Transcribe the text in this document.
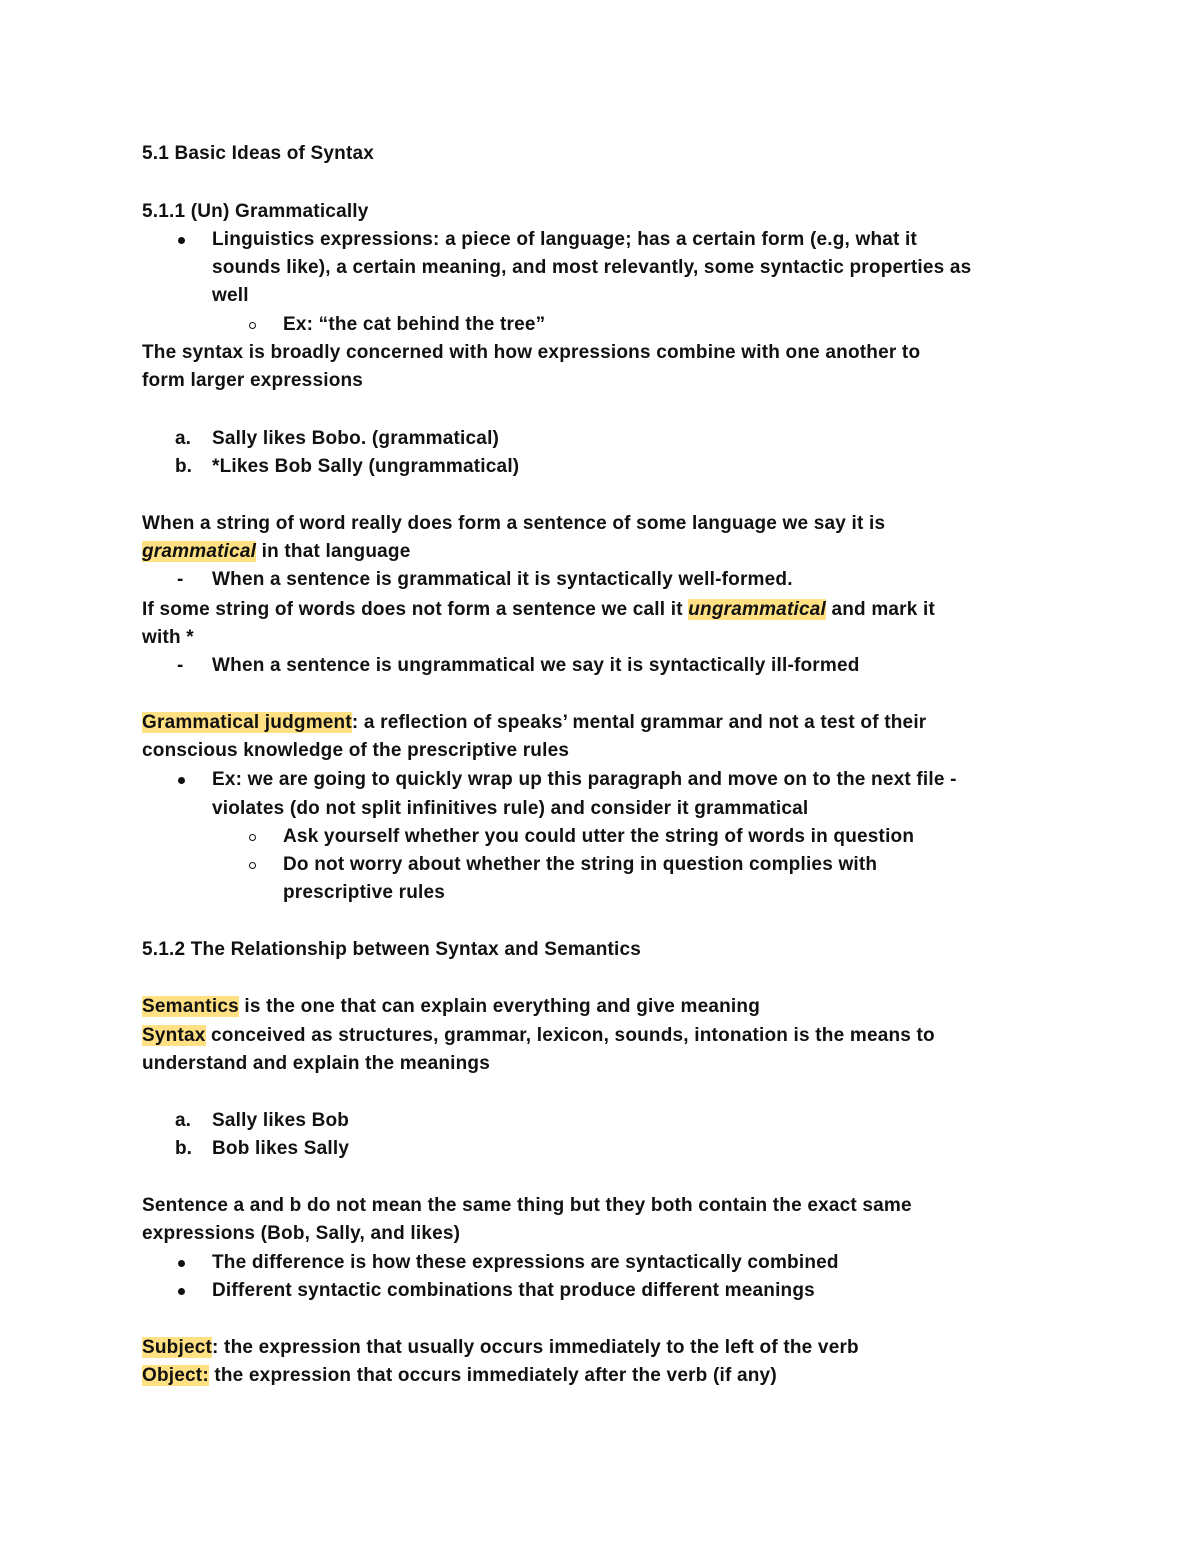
5.1 Basic Ideas of Syntax
5.1.1 (Un) Grammatically
Linguistics expressions: a piece of language; has a certain form (e.g, what it
sounds like), a certain meaning, and most relevantly, some syntactic properties as
well
Ex: “the cat behind the tree”
The syntax is broadly concerned with how expressions combine with one another to
form larger expressions
a. Sally likes Bobo. (grammatical)
b. *Likes Bob Sally (ungrammatical)
When a string of word really does form a sentence of some language we say it is
grammatical in that language
- When a sentence is grammatical it is syntactically well-formed.
If some string of words does not form a sentence we call it ungrammatical and mark it
with *
- When a sentence is ungrammatical we say it is syntactically ill-formed
Grammatical judgment: a reflection of speaks’ mental grammar and not a test of their
conscious knowledge of the prescriptive rules
Ex: we are going to quickly wrap up this paragraph and move on to the next file -
violates (do not split infinitives rule) and consider it grammatical
Ask yourself whether you could utter the string of words in question
Do not worry about whether the string in question complies with
prescriptive rules
5.1.2 The Relationship between Syntax and Semantics
Semantics is the one that can explain everything and give meaning
Syntax conceived as structures, grammar, lexicon, sounds, intonation is the means to
understand and explain the meanings
a. Sally likes Bob
b. Bob likes Sally
Sentence a and b do not mean the same thing but they both contain the exact same
expressions (Bob, Sally, and likes)
The difference is how these expressions are syntactically combined
Different syntactic combinations that produce different meanings
Subject: the expression that usually occurs immediately to the left of the verb
Object: the expression that occurs immediately after the verb (if any)
